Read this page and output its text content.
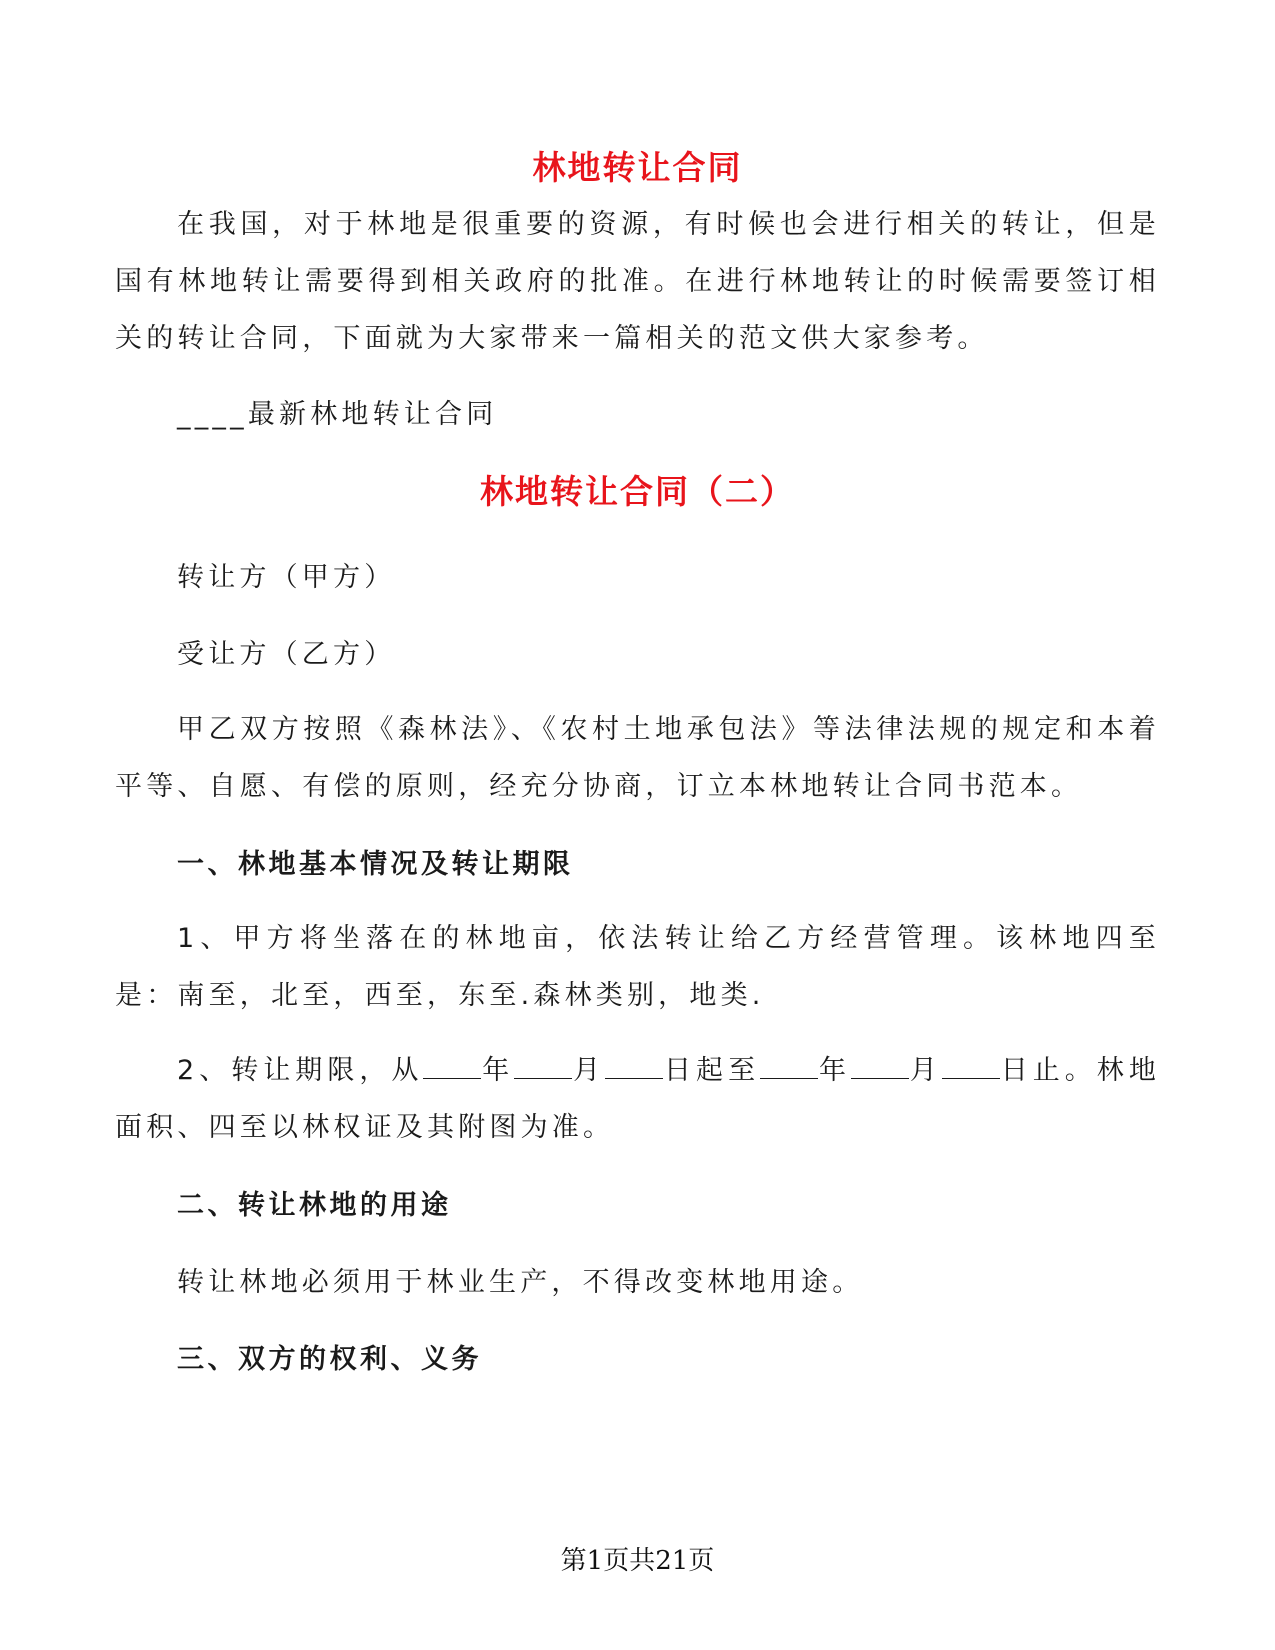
林地转让合同

在我国，对于林地是很重要的资源，有时候也会进行相关的转让，但是国有林地转让需要得到相关政府的批准。在进行林地转让的时候需要签订相关的转让合同，下面就为大家带来一篇相关的范文供大家参考。

____最新林地转让合同

林地转让合同（二）

转让方（甲方）

受让方（乙方）

甲乙双方按照《森林法》、《农村土地承包法》等法律法规的规定和本着平等、自愿、有偿的原则，经充分协商，订立本林地转让合同书范本。

一、林地基本情况及转让期限

1、甲方将坐落在的林地亩，依法转让给乙方经营管理。该林地四至是：南至，北至，西至，东至.森林类别，地类.

2、转让期限，从 年 月 日起至 年 月 日止。林地面积、四至以林权证及其附图为准。

二、转让林地的用途

转让林地必须用于林业生产，不得改变林地用途。

三、双方的权利、义务

第1页共21页
